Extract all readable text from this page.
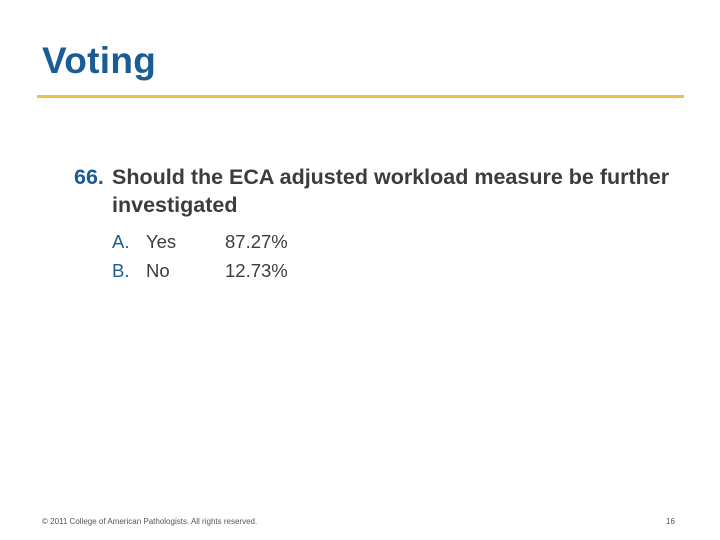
Voting
66. Should the ECA adjusted workload measure be further investigated
A. Yes	87.27%
B. No	12.73%
© 2011 College of American Pathologists. All rights reserved.	16
